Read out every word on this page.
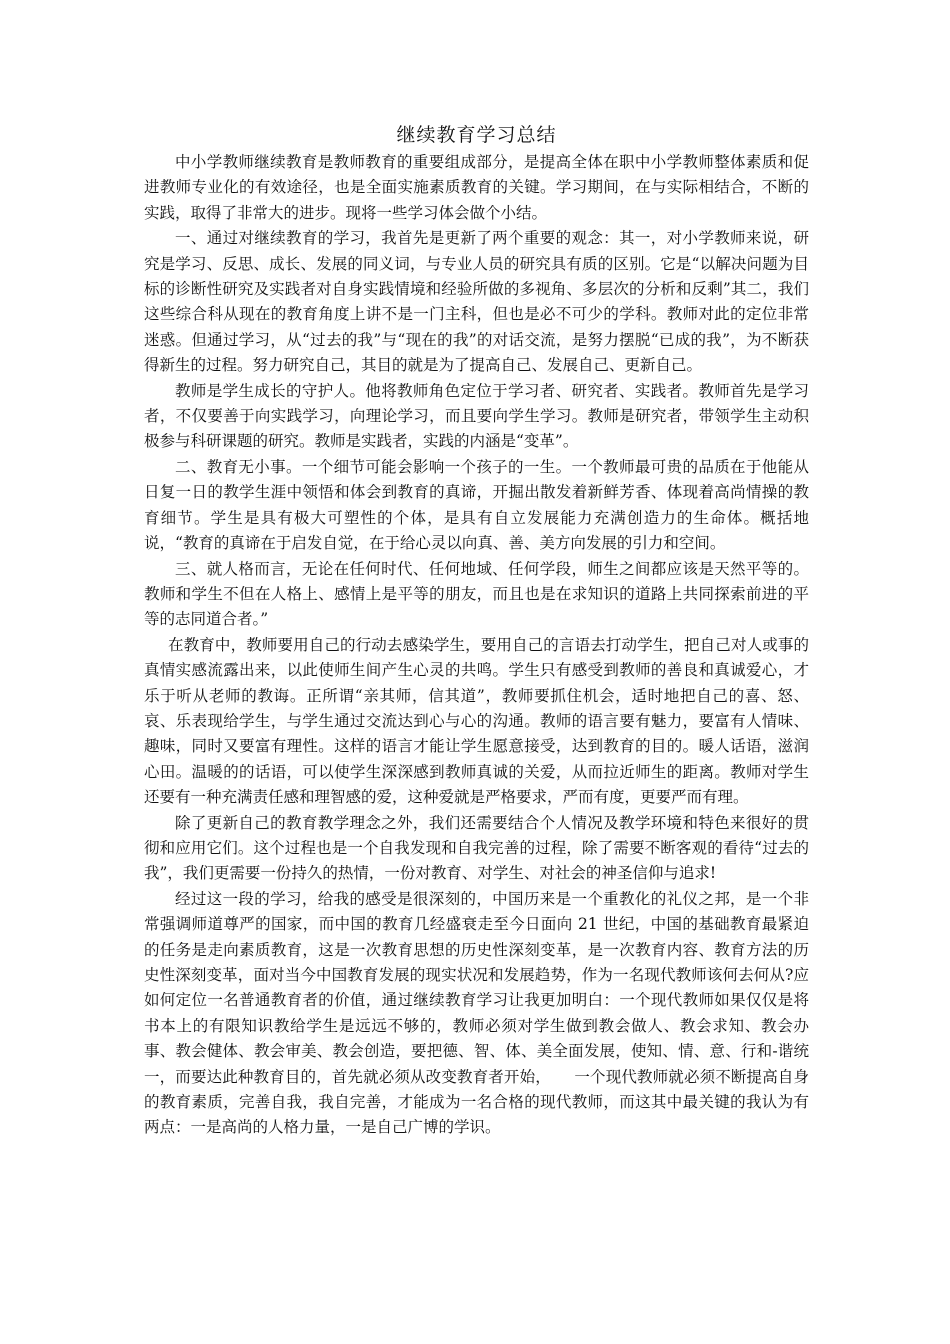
继续教育学习总结

中小学教师继续教育是教师教育的重要组成部分，是提高全体在职中小学教师整体素质和促进教师专业化的有效途径，也是全面实施素质教育的关键。学习期间，在与实际相结合，不断的实践，取得了非常大的进步。现将一些学习体会做个小结。

一、通过对继续教育的学习，我首先是更新了两个重要的观念：其一，对小学教师来说，研究是学习、反思、成长、发展的同义词，与专业人员的研究具有质的区别。它是“以解决问题为目标的诊断性研究及实践者对自身实践情境和经验所做的多视角、多层次的分析和反剩”其二，我们这些综合科从现在的教育角度上讲不是一门主科，但也是必不可少的学科。教师对此的定位非常迷惑。但通过学习，从“过去的我”与“现在的我”的对话交流，是努力摆脱“已成的我”，为不断获得新生的过程。努力研究自己，其目的就是为了提高自己、发展自己、更新自己。

教师是学生成长的守护人。他将教师角色定位于学习者、研究者、实践者。教师首先是学习者，不仅要善于向实践学习，向理论学习，而且要向学生学习。教师是研究者，带领学生主动积极参与科研课题的研究。教师是实践者，实践的内涵是“变革”。

二、教育无小事。一个细节可能会影响一个孩子的一生。一个教师最可贵的品质在于他能从日复一日的教学生涯中领悟和体会到教育的真谛，开掘出散发着新鲜芳香、体现着高尚情操的教育细节。学生是具有极大可塑性的个体，是具有自立发展能力充满创造力的生命体。概括地说，“教育的真谛在于启发自觉，在于给心灵以向真、善、美方向发展的引力和空间。

三、就人格而言，无论在任何时代、任何地域、任何学段，师生之间都应该是天然平等的。教师和学生不但在人格上、感情上是平等的朋友，而且也是在求知识的道路上共同探索前进的平等的志同道合者。”

在教育中，教师要用自己的行动去感染学生，要用自己的言语去打动学生，把自己对人或事的真情实感流露出来，以此使师生间产生心灵的共鸣。学生只有感受到教师的善良和真诚爱心，才乐于听从老师的教诲。正所谓“亲其师，信其道”，教师要抓住机会，适时地把自己的喜、怒、哀、乐表现给学生，与学生通过交流达到心与心的沟通。教师的语言要有魅力，要富有人情味、趣味，同时又要富有理性。这样的语言才能让学生愿意接受，达到教育的目的。暖人话语，滋润心田。温暖的的话语，可以使学生深深感到教师真诚的关爱，从而拉近师生的距离。教师对学生还要有一种充满责任感和理智感的爱，这种爱就是严格要求，严而有度，更要严而有理。

除了更新自己的教育教学理念之外，我们还需要结合个人情况及教学环境和特色来很好的贯彻和应用它们。这个过程也是一个自我发现和自我完善的过程，除了需要不断客观的看待“过去的我”，我们更需要一份持久的热情，一份对教育、对学生、对社会的神圣信仰与追求!

经过这一段的学习，给我的感受是很深刻的，中国历来是一个重教化的礼仪之邦，是一个非常强调师道尊严的国家，而中国的教育几经盛衰走至今日面向 21 世纪，中国的基础教育最紧迫的任务是走向素质教育，这是一次教育思想的历史性深刻变革，是一次教育内容、教育方法的历史性深刻变革，面对当今中国教育发展的现实状况和发展趋势，作为一名现代教师该何去何从?应如何定位一名普通教育者的价值，通过继续教育学习让我更加明白：一个现代教师如果仅仅是将书本上的有限知识教给学生是远远不够的，教师必须对学生做到教会做人、教会求知、教会办事、教会健体、教会审美、教会创造，要把德、智、体、美全面发展，使知、情、意、行和-谐统一，而要达此种教育目的，首先就必须从改变教育者开始，　　一个现代教师就必须不断提高自身的教育素质，完善自我，我自完善，才能成为一名合格的现代教师，而这其中最关键的我认为有两点：一是高尚的人格力量，一是自己广博的学识。
